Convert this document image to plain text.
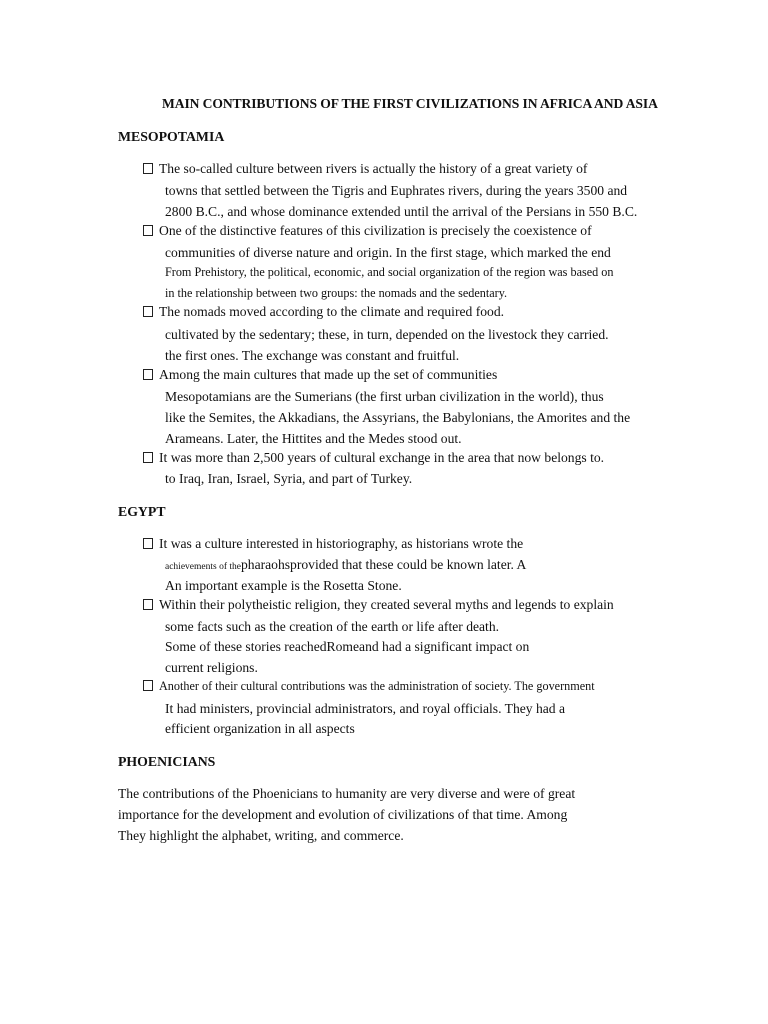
MAIN CONTRIBUTIONS OF THE FIRST CIVILIZATIONS IN AFRICA AND ASIA
MESOPOTAMIA
The so-called culture between rivers is actually the history of a great variety of
towns that settled between the Tigris and Euphrates rivers, during the years 3500 and
2800 B.C., and whose dominance extended until the arrival of the Persians in 550 B.C.
One of the distinctive features of this civilization is precisely the coexistence of
communities of diverse nature and origin. In the first stage, which marked the end
From Prehistory, the political, economic, and social organization of the region was based on
in the relationship between two groups: the nomads and the sedentary.
The nomads moved according to the climate and required food.
cultivated by the sedentary; these, in turn, depended on the livestock they carried.
the first ones. The exchange was constant and fruitful.
Among the main cultures that made up the set of communities
Mesopotamians are the Sumerians (the first urban civilization in the world), thus
like the Semites, the Akkadians, the Assyrians, the Babylonians, the Amorites and the
Arameans. Later, the Hittites and the Medes stood out.
It was more than 2,500 years of cultural exchange in the area that now belongs to.
to Iraq, Iran, Israel, Syria, and part of Turkey.
EGYPT
It was a culture interested in historiography, as historians wrote the
achievements of thepharaohsprovided that these could be known later. A
An important example is the Rosetta Stone.
Within their polytheistic religion, they created several myths and legends to explain
some facts such as the creation of the earth or life after death.
Some of these stories reachedRomeand had a significant impact on
current religions.
Another of their cultural contributions was the administration of society. The government
It had ministers, provincial administrators, and royal officials. They had a
efficient organization in all aspects
PHOENICIANS
The contributions of the Phoenicians to humanity are very diverse and were of great
importance for the development and evolution of civilizations of that time. Among
They highlight the alphabet, writing, and commerce.
